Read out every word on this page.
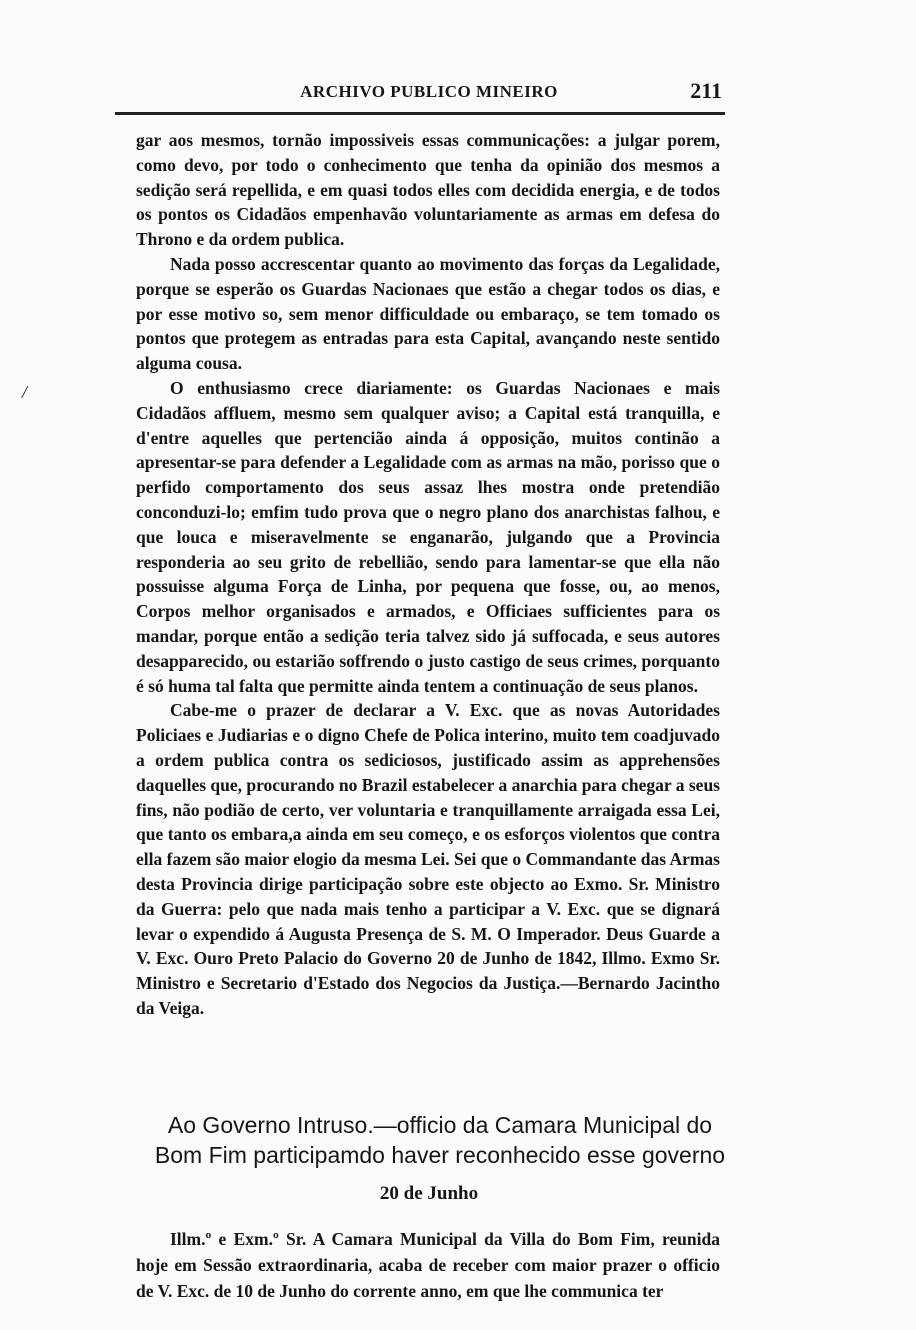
ARCHIVO PUBLICO MINEIRO	211
/

gar aos mesmos, tornão impossiveis essas communicações: a julgar porem, como devo, por todo o conhecimento que tenha da opinião dos mesmos a sedição será repellida, e em quasi todos elles com decidida energia, e de todos os pontos os Cidadãos empenhavão voluntariamente as armas em defesa do Throno e da ordem publica.

Nada posso accrescentar quanto ao movimento das forças da Legalidade, porque se esperão os Guardas Nacionaes que estão a chegar todos os dias, e por esse motivo so, sem menor difficuldade ou embaraço, se tem tomado os pontos que protegem as entradas para esta Capital, avançando neste sentido alguma cousa.

O enthusiasmo crece diariamente: os Guardas Nacionaes e mais Cidadãos affluem, mesmo sem qualquer aviso; a Capital está tranquilla, e d'entre aquelles que pertencião ainda á opposição, muitos continão a apresentar-se para defender a Legalidade com as armas na mão, porisso que o perfido comportamento dos seus assaz lhes mostra onde pretendião conconduzi-lo; emfim tudo prova que o negro plano dos anarchistas falhou, e que louca e miseravelmente se enganarão, julgando que a Provincia responderia ao seu grito de rebellião, sendo para lamentar-se que ella não possuisse alguma Força de Linha, por pequena que fosse, ou, ao menos, Corpos melhor organisados e armados, e Officiaes sufficientes para os mandar, porque então a sedição teria talvez sido já suffocada, e seus autores desapparecido, ou estarião soffrendo o justo castigo de seus crimes, porquanto é só huma tal falta que permitte ainda tentem a continuação de seus planos.

Cabe-me o prazer de declarar a V. Exc. que as novas Autoridades Policiaes e Judiarias e o digno Chefe de Polica interino, muito tem coadjuvado a ordem publica contra os sediciosos, justificado assim as apprehensões daquelles que, procurando no Brazil estabelecer a anarchia para chegar a seus fins, não podião de certo, ver voluntaria e tranquillamente arraigada essa Lei, que tanto os embara,a ainda em seu começo, e os esforços violentos que contra ella fazem são maior elogio da mesma Lei. Sei que o Commandante das Armas desta Provincia dirige participação sobre este objecto ao Exmo. Sr. Ministro da Guerra: pelo que nada mais tenho a participar a V. Exc. que se dignará levar o expendido á Augusta Presença de S. M. O Imperador. Deus Guarde a V. Exc. Ouro Preto Palacio do Governo 20 de Junho de 1842, Illmo. Exmo Sr. Ministro e Secretario d'Estado dos Negocios da Justiça.—Bernardo Jacintho da Veiga.

Ao Governo Intruso.—officio da Camara Municipal do
Bom Fim participamdo haver reconhecido esse governo
20 de Junho

Illm.º e Exm.º Sr. A Camara Municipal da Villa do Bom Fim, reunida hoje em Sessão extraordinaria, acaba de receber com maior prazer o officio de V. Exc. de 10 de Junho do corrente anno, em que lhe communica ter
